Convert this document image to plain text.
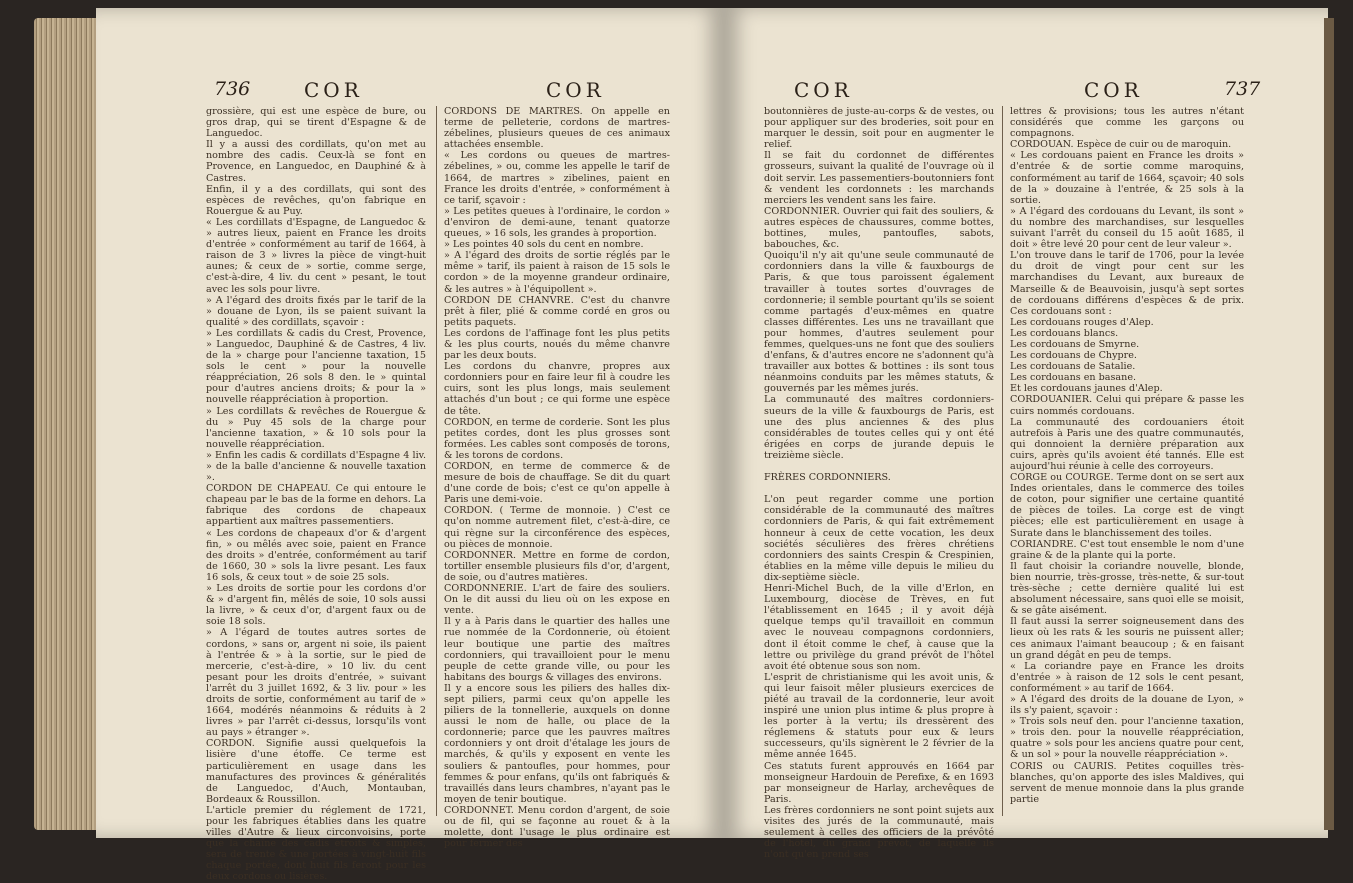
736	COR	COR
grossière, qui est une espèce de bure, ou gros drap, qui se tirent d'Espagne & de Languedoc.
Il y a aussi des cordillats, qu'on met au nombre des cadis. Ceux-là se font en Provence, en Languedoc, en Dauphiné & à Castres.
Enfin, il y a des cordillats, qui sont des espèces de revêches, qu'on fabrique en Rouergue & au Puy.
« Les cordillats d'Espagne, de Languedoc & » autres lieux, paient en France les droits d'entrée » conformément au tarif de 1664, à raison de 3 » livres la pièce de vingt-huit aunes; & ceux de » sortie, comme serge, c'est-à-dire, 4 liv. du cent » pesant, le tout avec les sols pour livre.
» A l'égard des droits fixés par le tarif de la » douane de Lyon, ils se paient suivant la qualité » des cordillats, sçavoir :
» Les cordillats & cadis du Crest, Provence, » Languedoc, Dauphiné & de Castres, 4 liv. de la » charge pour l'ancienne taxation, 15 sols le cent » pour la nouvelle réappréciation, 26 sols 8 den. le » quintal pour d'autres anciens droits; & pour la » nouvelle réappréciation à proportion.
» Les cordillats & revêches de Rouergue & du » Puy 45 sols de la charge pour l'ancienne taxation, » & 10 sols pour la nouvelle réappréciation.
» Enfin les cadis & cordillats d'Espagne 4 liv. » de la balle d'ancienne & nouvelle taxation ».
CORDON DE CHAPEAU. Ce qui entoure le chapeau par le bas de la forme en dehors. La fabrique des cordons de chapeaux appartient aux maîtres passementiers.
« Les cordons de chapeaux d'or & d'argent fin, » ou mêlés avec soie, paient en France des droits » d'entrée, conformément au tarif de 1660, 30 » sols la livre pesant. Les faux 16 sols, & ceux tout » de soie 25 sols.
» Les droits de sortie pour les cordons d'or & » d'argent fin, mêlés de soie, 10 sols aussi la livre, » & ceux d'or, d'argent faux ou de soie 18 sols.
» A l'égard de toutes autres sortes de cordons, » sans or, argent ni soie, ils paient à l'entrée & » à la sortie, sur le pied de mercerie, c'est-à-dire, » 10 liv. du cent pesant pour les droits d'entrée, » suivant l'arrêt du 3 juillet 1692, & 3 liv. pour » les droits de sortie, conformément au tarif de » 1664, modérés néanmoins & réduits à 2 livres » par l'arrêt ci-dessus, lorsqu'ils vont au pays » étranger ».
CORDON. Signifie aussi quelquefois la lisière d'une étoffe. Ce terme est particulièrement en usage dans les manufactures des provinces & généralités de Languedoc, d'Auch, Montauban, Bordeaux & Roussillon.
L'article premier du réglement de 1721, pour les fabriques établies dans les quatre villes d'Autre & lieux circonvoisins, porte que la chaîne des cadis étroits & simples, sera de trente & une portées à vingt-huit fils chaque portée, dont huit fils feront pour les deux cordons ou lisières.
CORDONS DE MARTRES. On appelle en terme de pelleterie, cordons de martres-zébelines, plusieurs queues de ces animaux attachées ensemble.
« Les cordons ou queues de martres-zébelines, » ou, comme les appelle le tarif de 1664, de martres » zibelines, paient en France les droits d'entrée, » conformément à ce tarif, sçavoir :
» Les petites queues à l'ordinaire, le cordon » d'environ de demi-aune, tenant quatorze queues, » 16 sols, les grandes à proportion.
» Les pointes 40 sols du cent en nombre.
» A l'égard des droits de sortie réglés par le même » tarif, ils paient à raison de 15 sols le cordon » de la moyenne grandeur ordinaire, & les autres » à l'équipollent ».
CORDON DE CHANVRE. C'est du chanvre prêt à filer, plié & comme cordé en gros ou petits paquets.
Les cordons de l'affinage font les plus petits & les plus courts, noués du même chanvre par les deux bouts.
Les cordons du chanvre, propres aux cordonniers pour en faire leur fil à coudre les cuirs, sont les plus longs, mais seulement attachés d'un bout ; ce qui forme une espèce de tête.
CORDON, en terme de corderie. Sont les plus petites cordes, dont les plus grosses sont formées. Les cables sont composés de torons, & les torons de cordons.
CORDON, en terme de commerce & de mesure de bois de chauffage. Se dit du quart d'une corde de bois; c'est ce qu'on appelle à Paris une demi-voie.
CORDON. ( Terme de monnoie. ) C'est ce qu'on nomme autrement filet, c'est-à-dire, ce qui règne sur la circonférence des espèces, ou pièces de monnoie.
CORDONNER. Mettre en forme de cordon, tortiller ensemble plusieurs fils d'or, d'argent, de soie, ou d'autres matières.
CORDONNERIE. L'art de faire des souliers. On le dit aussi du lieu où on les expose en vente.
Il y a à Paris dans le quartier des halles une rue nommée de la Cordonnerie, où étoient leur boutique une partie des maîtres cordonniers, qui travailloient pour le menu peuple de cette grande ville, ou pour les habitans des bourgs & villages des environs.
Il y a encore sous les piliers des halles dix-sept piliers, parmi ceux qu'on appelle les piliers de la tonnellerie, auxquels on donne aussi le nom de halle, ou place de la cordonnerie; parce que les pauvres maîtres cordonniers y ont droit d'étalage les jours de marchés, & qu'ils y exposent en vente les souliers & pantoufles, pour hommes, pour femmes & pour enfans, qu'ils ont fabriqués & travaillés dans leurs chambres, n'ayant pas le moyen de tenir boutique.
CORDONNET. Menu cordon d'argent, de soie ou de fil, qui se façonne au rouet & à la molette, dont l'usage le plus ordinaire est pour fermer des
COR	COR	737
boutonnières de juste-au-corps & de vestes, ou pour appliquer sur des broderies, soit pour en marquer le dessin, soit pour en augmenter le relief.
Il se fait du cordonnet de différentes grosseurs, suivant la qualité de l'ouvrage où il doit servir. Les passementiers-boutonniers font & vendent les cordonnets : les marchands merciers les vendent sans les faire.
CORDONNIER. Ouvrier qui fait des souliers, & autres espèces de chaussures, comme bottes, bottines, mules, pantoufles, sabots, babouches, &c.
Quoiqu'il n'y ait qu'une seule communauté de cordonniers dans la ville & fauxbourgs de Paris, & que tous paroissent également travailler à toutes sortes d'ouvrages de cordonnerie; il semble pourtant qu'ils se soient comme partagés d'eux-mêmes en quatre classes différentes. Les uns ne travaillant que pour hommes, d'autres seulement pour femmes, quelques-uns ne font que des souliers d'enfans, & d'autres encore ne s'adonnent qu'à travailler aux bottes & bottines : ils sont tous néanmoins conduits par les mêmes statuts, & gouvernés par les mêmes jurés.
La communauté des maîtres cordonniers-sueurs de la ville & fauxbourgs de Paris, est une des plus anciennes & des plus considérables de toutes celles qui y ont été érigées en corps de jurande depuis le treizième siècle.

FRÈRES CORDONNIERS.

L'on peut regarder comme une portion considérable de la communauté des maîtres cordonniers de Paris, & qui fait extrêmement honneur à ceux de cette vocation, les deux sociétés séculières des frères chrétiens cordonniers des saints Crespin & Crespinien, établies en la même ville depuis le milieu du dix-septième siècle.
Henri-Michel Buch, de la ville d'Erlon, en Luxembourg, diocèse de Trèves, en fut l'établissement en 1645 ; il y avoit déjà quelque temps qu'il travailloit en commun avec le nouveau compagnons cordonniers, dont il étoit comme le chef, à cause que la lettre ou privilège du grand prévôt de l'hôtel avoit été obtenue sous son nom.
L'esprit de christianisme qui les avoit unis, & qui leur faisoit mêler plusieurs exercices de piété au travail de la cordonnerie, leur avoit inspiré une union plus intime & plus propre à les porter à la vertu; ils dressèrent des réglemens & statuts pour eux & leurs successeurs, qu'ils signèrent le 2 février de la même année 1645.
Ces statuts furent approuvés en 1664 par monseigneur Hardouin de Perefixe, & en 1693 par monseigneur de Harlay, archevêques de Paris.
Les frères cordonniers ne sont point sujets aux visites des jurés de la communauté, mais seulement à celles des officiers de la prévôté de l'hôtel, du grand prévôt, de laquelle ils n'ont qu'en prend ses
lettres & provisions; tous les autres n'étant considérés que comme les garçons ou compagnons.
CORDOUAN. Espèce de cuir ou de maroquin.
« Les cordouans paient en France les droits » d'entrée & de sortie comme maroquins, conformément au tarif de 1664, sçavoir; 40 sols de la » douzaine à l'entrée, & 25 sols à la sortie.
» A l'égard des cordouans du Levant, ils sont » du nombre des marchandises, sur lesquelles suivant l'arrêt du conseil du 15 août 1685, il doit » être levé 20 pour cent de leur valeur ».
L'on trouve dans le tarif de 1706, pour la levée du droit de vingt pour cent sur les marchandises du Levant, aux bureaux de Marseille & de Beauvoisin, jusqu'à sept sortes de cordouans différens d'espèces & de prix. Ces cordouans sont :
Les cordouans rouges d'Alep.
Les cordouans blancs.
Les cordouans de Smyrne.
Les cordouans de Chypre.
Les cordouans de Satalie.
Les cordouans en basane.
Et les cordouans jaunes d'Alep.
CORDOUANIER. Celui qui prépare & passe les cuirs nommés cordouans.
La communauté des cordouaniers étoit autrefois à Paris une des quatre communautés, qui donnoient la dernière préparation aux cuirs, après qu'ils avoient été tannés. Elle est aujourd'hui réunie à celle des corroyeurs.
CORGE ou COURGE. Terme dont on se sert aux Indes orientales, dans le commerce des toiles de coton, pour signifier une certaine quantité de pièces de toiles. La corge est de vingt pièces; elle est particulièrement en usage à Surate dans le blanchissement des toiles.
CORIANDRE. C'est tout ensemble le nom d'une graine & de la plante qui la porte.
Il faut choisir la coriandre nouvelle, blonde, bien nourrie, très-grosse, très-nette, & sur-tout très-sèche ; cette dernière qualité lui est absolument nécessaire, sans quoi elle se moisit, & se gâte aisément.
Il faut aussi la serrer soigneusement dans des lieux où les rats & les souris ne puissent aller; ces animaux l'aimant beaucoup ; & en faisant un grand dégât en peu de temps.
« La coriandre paye en France les droits d'entrée » à raison de 12 sols le cent pesant, conformément » au tarif de 1664.
» A l'égard des droits de la douane de Lyon, » ils s'y paient, sçavoir :
» Trois sols neuf den. pour l'ancienne taxation, » trois den. pour la nouvelle réappréciation, quatre » sols pour les anciens quatre pour cent, & un sol » pour la nouvelle réappréciation ».
CORIS ou CAURIS. Petites coquilles très-blanches, qu'on apporte des isles Maldives, qui servent de menue monnoie dans la plus grande partie
